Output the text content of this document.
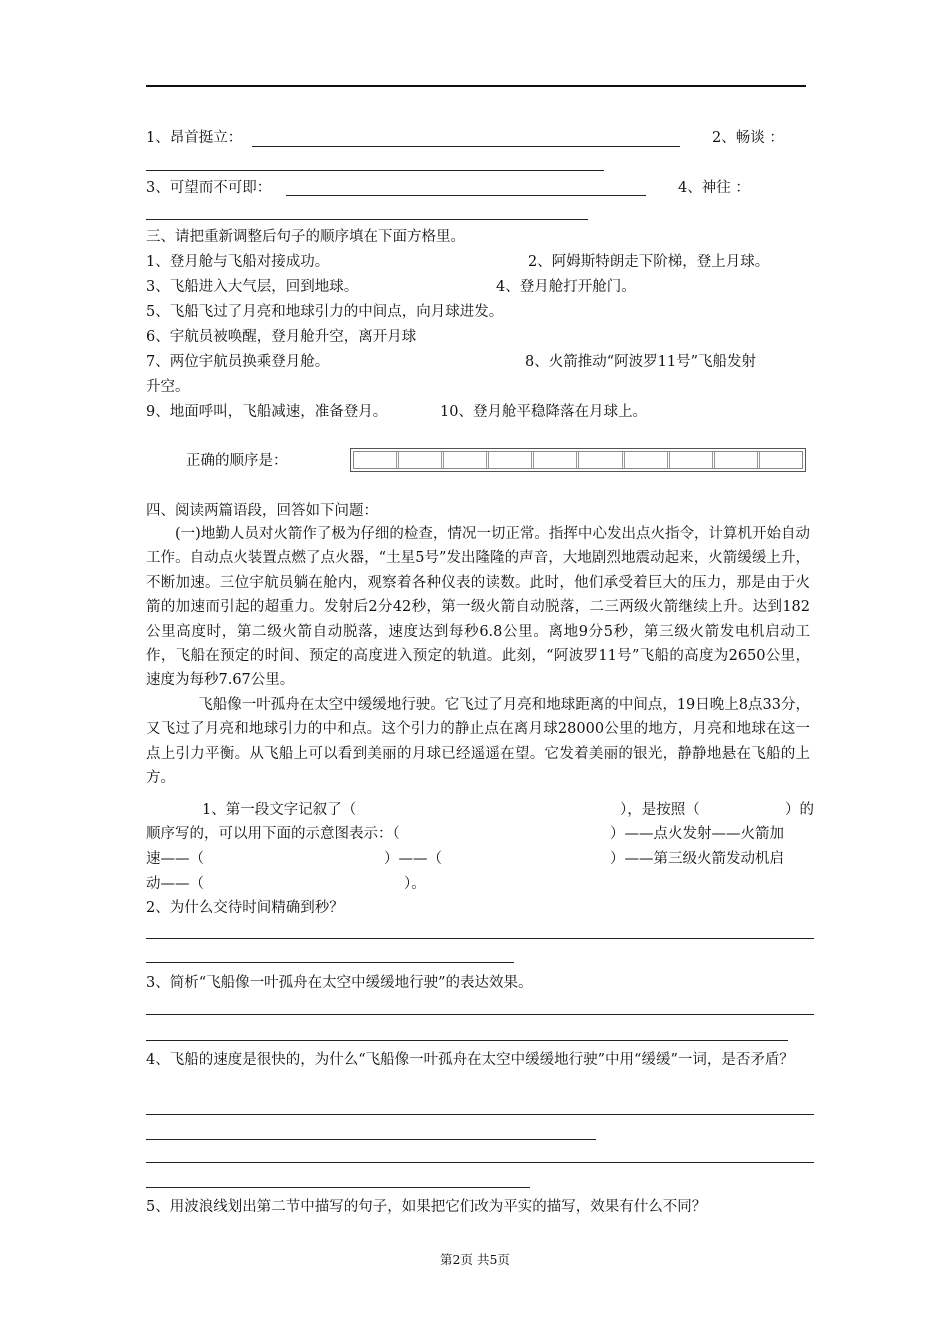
1、昂首挺立：	2、畅谈 ：
3、可望而不可即：	4、神往 ：
三、请把重新调整后句子的顺序填在下面方格里。
1、登月舱与飞船对接成功。	2、阿姆斯特朗走下阶梯，登上月球。
3、飞船进入大气层，回到地球。	4、登月舱打开舱门。
5、飞船飞过了月亮和地球引力的中间点，向月球进发。
6、宇航员被唤醒，登月舱升空，离开月球
7、两位宇航员换乘登月舱。	8、火箭推动“阿波罗11号”飞船发射
升空。
9、地面呼叫，飞船减速，准备登月。	10、登月舱平稳降落在月球上。
正确的顺序是：
四、阅读两篇语段，回答如下问题：

(一)地勤人员对火箭作了极为仔细的检查，情况一切正常。指挥中心发出点火指令，计算机开始自动工作。自动点火装置点燃了点火器，“土星5号”发出隆隆的声音，大地剧烈地震动起来，火箭缓缓上升，不断加速。三位宇航员躺在舱内，观察着各种仪表的读数。此时，他们承受着巨大的压力，那是由于火箭的加速而引起的超重力。发射后2分42秒，第一级火箭自动脱落，二三两级火箭继续上升。达到182公里高度时，第二级火箭自动脱落，速度达到每秒6.8公里。离地9分5秒，第三级火箭发电机启动工作，飞船在预定的时间、预定的高度进入预定的轨道。此刻，“阿波罗11号”飞船的高度为2650公里，速度为每秒7.67公里。

飞船像一叶孤舟在太空中缓缓地行驶。它飞过了月亮和地球距离的中间点，19日晚上8点33分，又飞过了月亮和地球引力的中和点。这个引力的静止点在离月球28000公里的地方，月亮和地球在这一点上引力平衡。从飞船上可以看到美丽的月球已经遥遥在望。它发着美丽的银光，静静地悬在飞船的上方。

1、第一段文字记叙了（	），是按照（	）的
顺序写的，可以用下面的示意图表示：（	）——点火发射——火箭加
速——（	）——（	）——第三级火箭发动机启
动——（	）。
2、为什么交待时间精确到秒？
3、简析“飞船像一叶孤舟在太空中缓缓地行驶”的表达效果。

4、飞船的速度是很快的，为什么“飞船像一叶孤舟在太空中缓缓地行驶”中用“缓缓”一词，是否矛盾？

5、用波浪线划出第二节中描写的句子，如果把它们改为平实的描写，效果有什么不同？
第2页 共5页
